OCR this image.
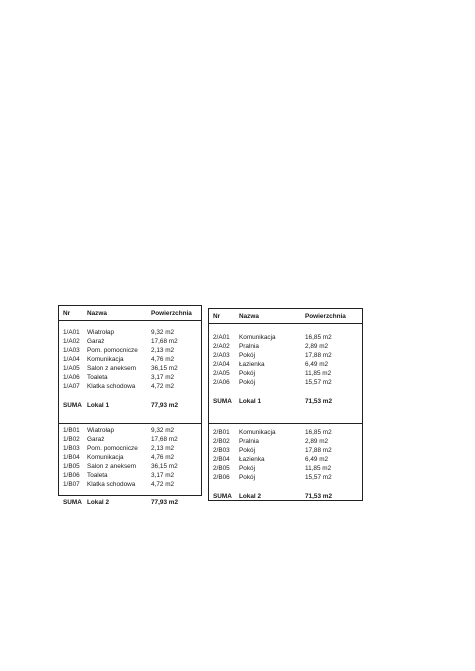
Nr	Nazwa	Powierzchnia
1/A01 Wiatrołap	9,32 m2
1/A02 Garaż	17,68 m2
1/A03 Pom. pomocnicze 2,13 m2
1/A04 Komunikacja	4,76 m2
1/A05 Salon z aneksem 36,15 m2
1/A06 Toaleta	3,17 m2
1/A07 Klatka schodowa 4,72 m2
SUMA Lokal 1	77,93 m2
1/B01 Wiatrołap	9,32 m2
1/B02 Garaż	17,68 m2
1/B03 Pom. pomocnicze 2,13 m2
1/B04 Komunikacja	4,76 m2
1/B05 Salon z aneksem 36,15 m2
1/B06 Toaleta	3,17 m2
1/B07 Klatka schodowa 4,72 m2
SUMA Lokal 2	77,93 m2
Nr	Nazwa	Powierzchnia
2/A01 Komunikacja	16,85 m2
2/A02 Pralnia	2,89 m2
2/A03 Pokój	17,88 m2
2/A04 Łazienka	6,49 m2
2/A05 Pokój	11,85 m2
2/A06 Pokój	15,57 m2
SUMA Lokal 1	71,53 m2
2/B01 Komunikacja	16,85 m2
2/B02 Pralnia	2,89 m2
2/B03 Pokój	17,88 m2
2/B04 Łazienka	6,49 m2
2/B05 Pokój	11,85 m2
2/B06 Pokój	15,57 m2
SUMA Lokal 2	71,53 m2
